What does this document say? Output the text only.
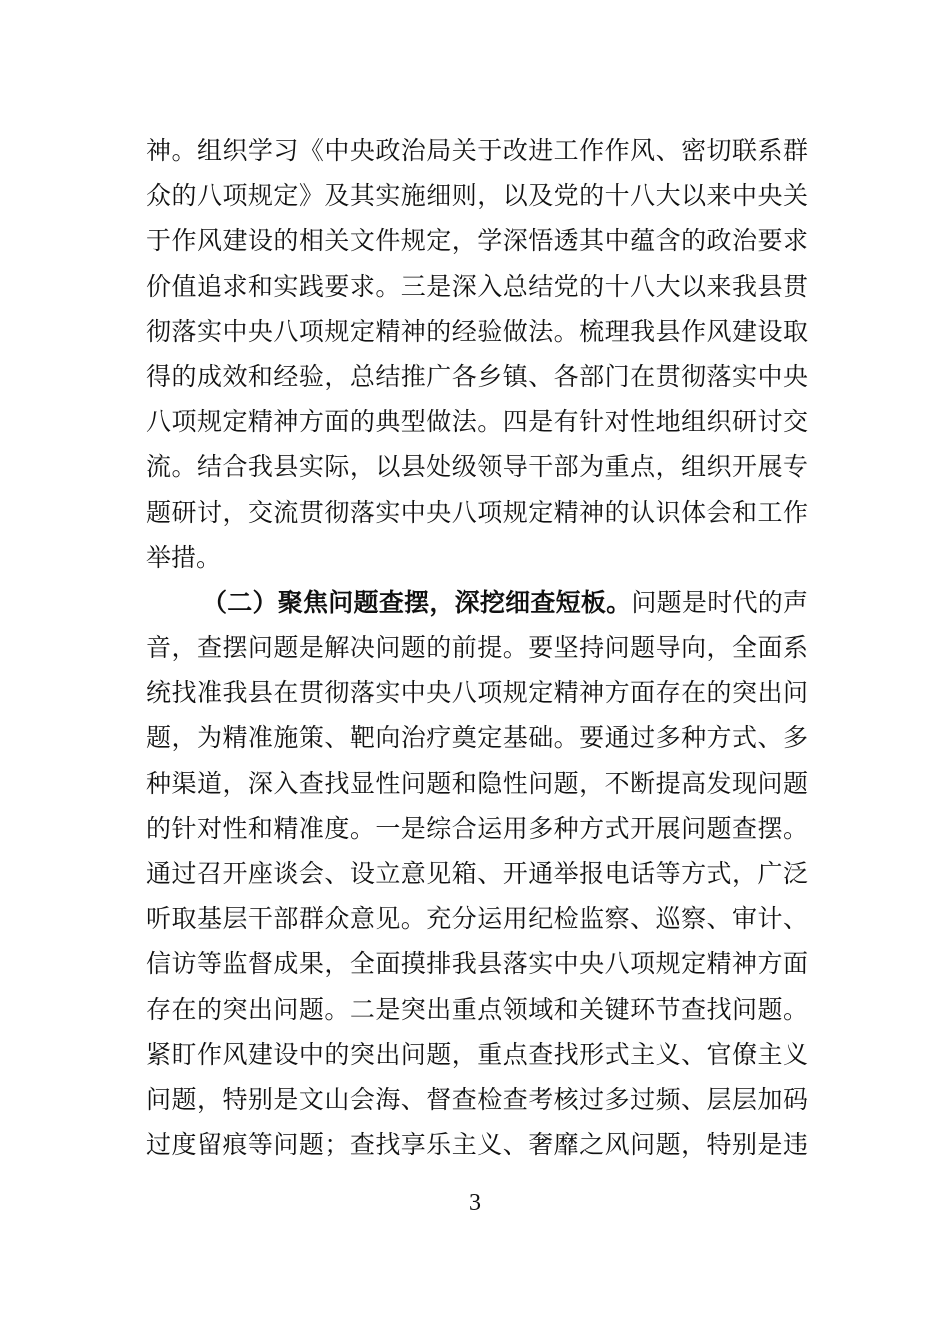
神。组织学习《中央政治局关于改进工作作风、密切联系群
众的八项规定》及其实施细则，以及党的十八大以来中央关
于作风建设的相关文件规定，学深悟透其中蕴含的政治要求
价值追求和实践要求。三是深入总结党的十八大以来我县贯
彻落实中央八项规定精神的经验做法。梳理我县作风建设取
得的成效和经验，总结推广各乡镇、各部门在贯彻落实中央
八项规定精神方面的典型做法。四是有针对性地组织研讨交
流。结合我县实际，以县处级领导干部为重点，组织开展专
题研讨，交流贯彻落实中央八项规定精神的认识体会和工作
举措。
（二）聚焦问题查摆，深挖细查短板。问题是时代的声
音，查摆问题是解决问题的前提。要坚持问题导向，全面系
统找准我县在贯彻落实中央八项规定精神方面存在的突出问
题，为精准施策、靶向治疗奠定基础。要通过多种方式、多
种渠道，深入查找显性问题和隐性问题，不断提高发现问题
的针对性和精准度。一是综合运用多种方式开展问题查摆。
通过召开座谈会、设立意见箱、开通举报电话等方式，广泛
听取基层干部群众意见。充分运用纪检监察、巡察、审计、
信访等监督成果，全面摸排我县落实中央八项规定精神方面
存在的突出问题。二是突出重点领域和关键环节查找问题。
紧盯作风建设中的突出问题，重点查找形式主义、官僚主义
问题，特别是文山会海、督查检查考核过多过频、层层加码
过度留痕等问题；查找享乐主义、奢靡之风问题，特别是违
3
